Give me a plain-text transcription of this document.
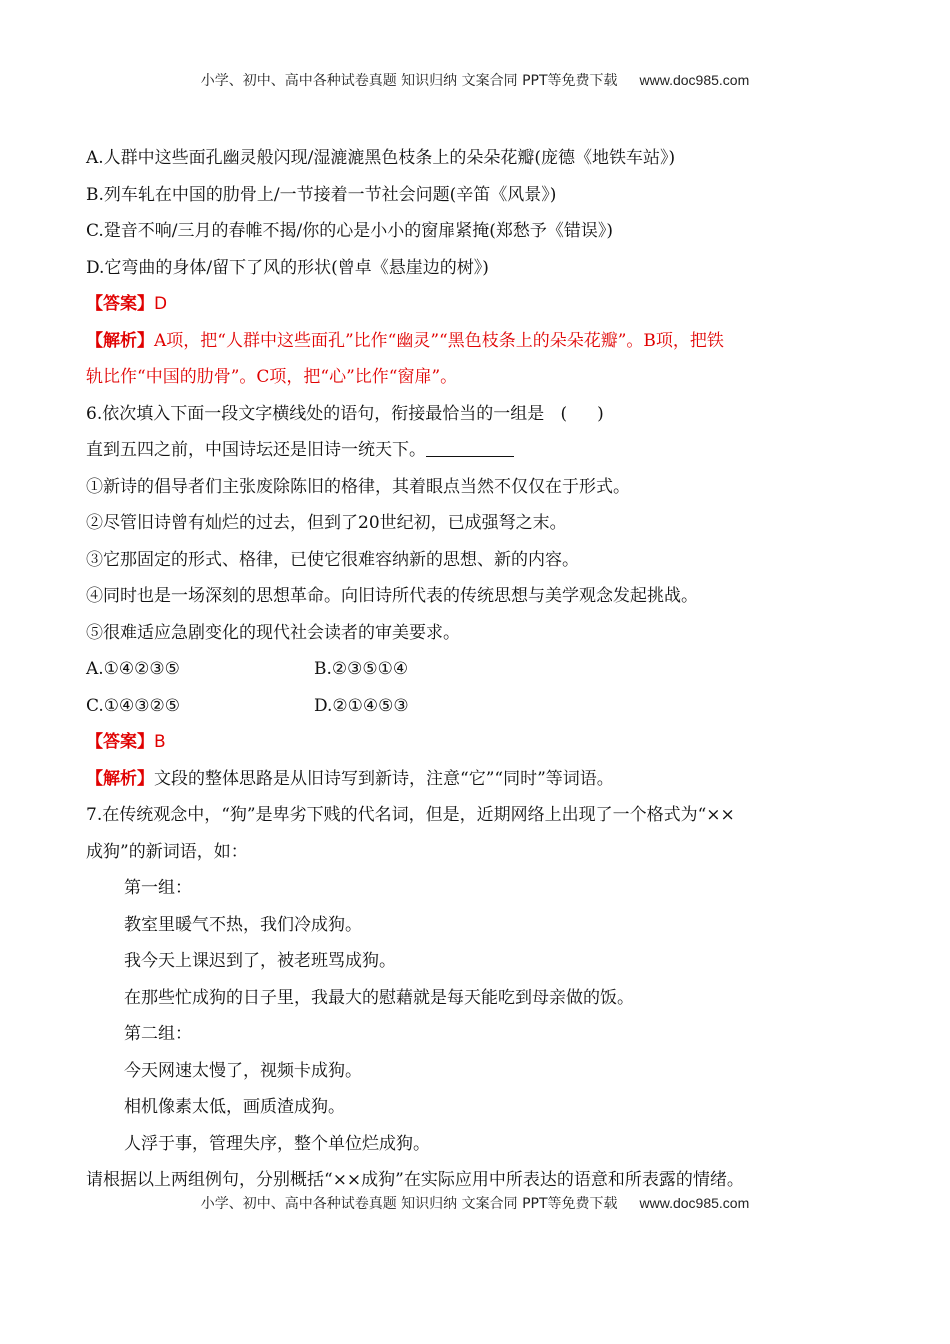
小学、初中、高中各种试卷真题 知识归纳 文案合同 PPT等免费下载 www.doc985.com
A.人群中这些面孔幽灵般闪现/湿漉漉黑色枝条上的朵朵花瓣(庞德《地铁车站》)
B.列车轧在中国的肋骨上/一节接着一节社会问题(辛笛《风景》)
C.跫音不响/三月的春帷不揭/你的心是小小的窗扉紧掩(郑愁予《错误》)
D.它弯曲的身体/留下了风的形状(曾卓《悬崖边的树》)
【答案】D
【解析】A项，把“人群中这些面孔”比作“幽灵”“黑色枝条上的朵朵花瓣”。B项，把铁
轨比作“中国的肋骨”。C项，把“心”比作“窗扉”。
6.依次填入下面一段文字横线处的语句，衔接最恰当的一组是 ( )
直到五四之前，中国诗坛还是旧诗一统天下。
①新诗的倡导者们主张废除陈旧的格律，其着眼点当然不仅仅在于形式。
②尽管旧诗曾有灿烂的过去，但到了20世纪初，已成强弩之末。
③它那固定的形式、格律，已使它很难容纳新的思想、新的内容。
④同时也是一场深刻的思想革命。向旧诗所代表的传统思想与美学观念发起挑战。
⑤很难适应急剧变化的现代社会读者的审美要求。
A.①④②③⑤	B.②③⑤①④
C.①④③②⑤	D.②①④⑤③
【答案】B
【解析】文段的整体思路是从旧诗写到新诗，注意“它”“同时”等词语。
7.在传统观念中，“狗”是卑劣下贱的代名词，但是，近期网络上出现了一个格式为“××
成狗”的新词语，如：
第一组：
教室里暖气不热，我们冷成狗。
我今天上课迟到了，被老班骂成狗。
在那些忙成狗的日子里，我最大的慰藉就是每天能吃到母亲做的饭。
第二组：
今天网速太慢了，视频卡成狗。
相机像素太低，画质渣成狗。
人浮于事，管理失序，整个单位烂成狗。
请根据以上两组例句，分别概括“××成狗”在实际应用中所表达的语意和所表露的情绪。
小学、初中、高中各种试卷真题 知识归纳 文案合同 PPT等免费下载 www.doc985.com
